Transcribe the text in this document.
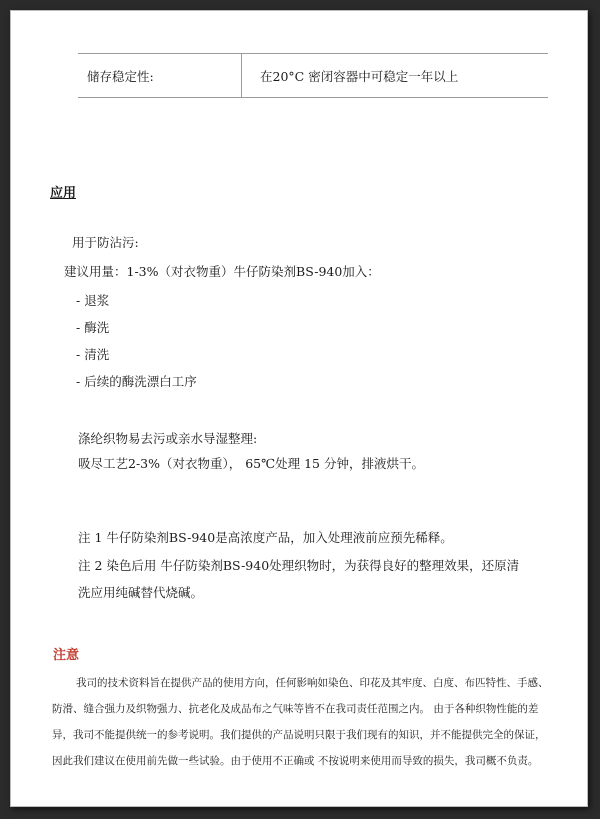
储存稳定性:	在20°C 密闭容器中可稳定一年以上
应用
用于防沾污:
建议用量：1-3%（对衣物重）牛仔防染剂BS-940加入：
- 退浆
- 酶洗
- 清洗
- 后续的酶洗漂白工序
涤纶织物易去污或亲水导湿整理:
吸尽工艺2-3%（对衣物重）， 65℃处理 15 分钟，排液烘干。
注 1 牛仔防染剂BS-940是高浓度产品，加入处理液前应预先稀释。
注 2 染色后用 牛仔防染剂BS-940处理织物时，为获得良好的整理效果，还原清
洗应用纯碱替代烧碱。
注意
我司的技术资料旨在提供产品的使用方向，任何影响如染色、印花及其牢度、白度、布匹特性、手感、
防滑、缝合强力及织物强力、抗老化及成品布之气味等皆不在我司责任范围之内。 由于各种织物性能的差
异，我司不能提供统一的参考说明。我们提供的产品说明只限于我们现有的知识，并不能提供完全的保证，
因此我们建议在使用前先做一些试验。由于使用不正确或 不按说明来使用而导致的损失，我司概不负责。
